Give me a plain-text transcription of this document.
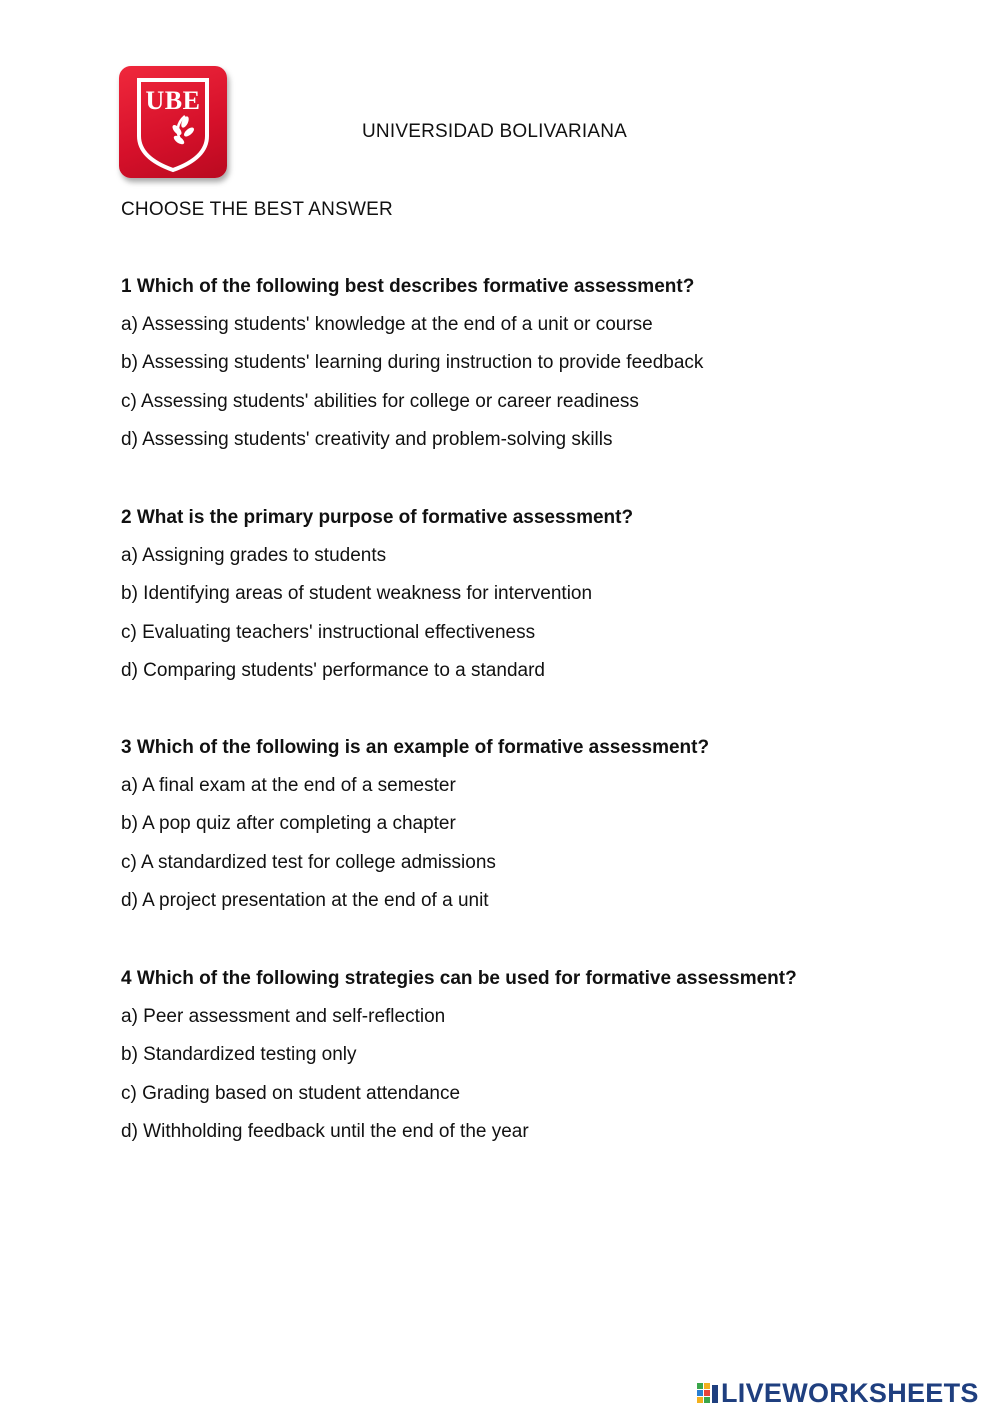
UBE
UNIVERSIDAD BOLIVARIANA
CHOOSE THE BEST ANSWER
1 Which of the following best describes formative assessment?
a) Assessing students' knowledge at the end of a unit or course
b) Assessing students' learning during instruction to provide feedback
c) Assessing students' abilities for college or career readiness
d) Assessing students' creativity and problem-solving skills
2 What is the primary purpose of formative assessment?
a) Assigning grades to students
b) Identifying areas of student weakness for intervention
c) Evaluating teachers' instructional effectiveness
d) Comparing students' performance to a standard
3 Which of the following is an example of formative assessment?
a) A final exam at the end of a semester
b) A pop quiz after completing a chapter
c) A standardized test for college admissions
d) A project presentation at the end of a unit
4 Which of the following strategies can be used for formative assessment?
a) Peer assessment and self-reflection
b) Standardized testing only
c) Grading based on student attendance
d) Withholding feedback until the end of the year
LIVEWORKSHEETS
